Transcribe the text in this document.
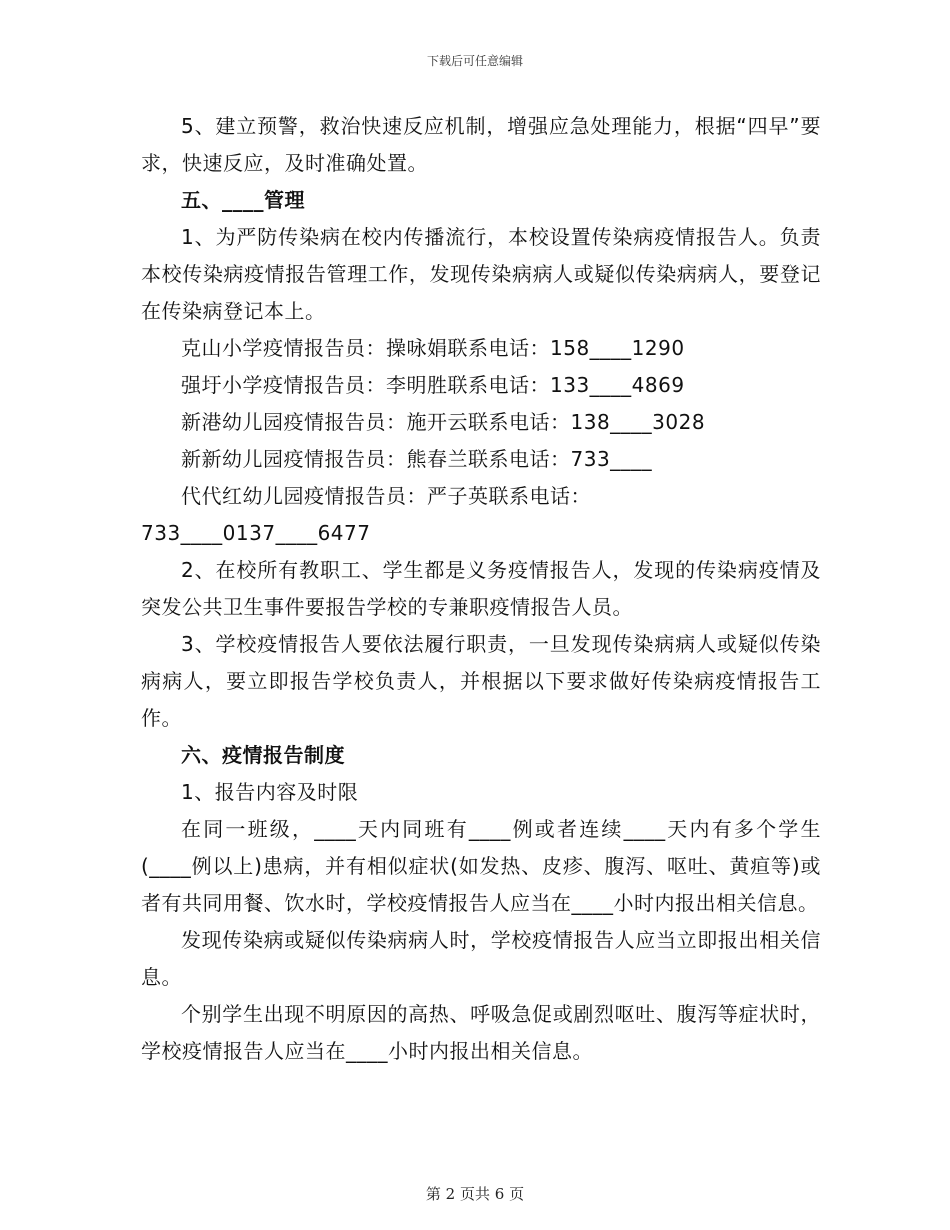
下载后可任意编辑

5、建立预警，救治快速反应机制，增强应急处理能力，根据“四早”要求，快速反应，及时准确处置。

五、____管理

1、为严防传染病在校内传播流行，本校设置传染病疫情报告人。负责本校传染病疫情报告管理工作，发现传染病病人或疑似传染病病人，要登记在传染病登记本上。

克山小学疫情报告员：操咏娟联系电话：158____1290

强圩小学疫情报告员：李明胜联系电话：133____4869

新港幼儿园疫情报告员：施开云联系电话：138____3028

新新幼儿园疫情报告员：熊春兰联系电话：733____

代代红幼儿园疫情报告员：严子英联系电话：

733____0137____6477

2、在校所有教职工、学生都是义务疫情报告人，发现的传染病疫情及突发公共卫生事件要报告学校的专兼职疫情报告人员。

3、学校疫情报告人要依法履行职责，一旦发现传染病病人或疑似传染病病人，要立即报告学校负责人，并根据以下要求做好传染病疫情报告工作。

六、疫情报告制度

1、报告内容及时限

在同一班级，____天内同班有____例或者连续____天内有多个学生(____例以上)患病，并有相似症状(如发热、皮疹、腹泻、呕吐、黄疸等)或者有共同用餐、饮水时，学校疫情报告人应当在____小时内报出相关信息。

发现传染病或疑似传染病病人时，学校疫情报告人应当立即报出相关信息。

个别学生出现不明原因的高热、呼吸急促或剧烈呕吐、腹泻等症状时，学校疫情报告人应当在____小时内报出相关信息。

第 2 页共 6 页
